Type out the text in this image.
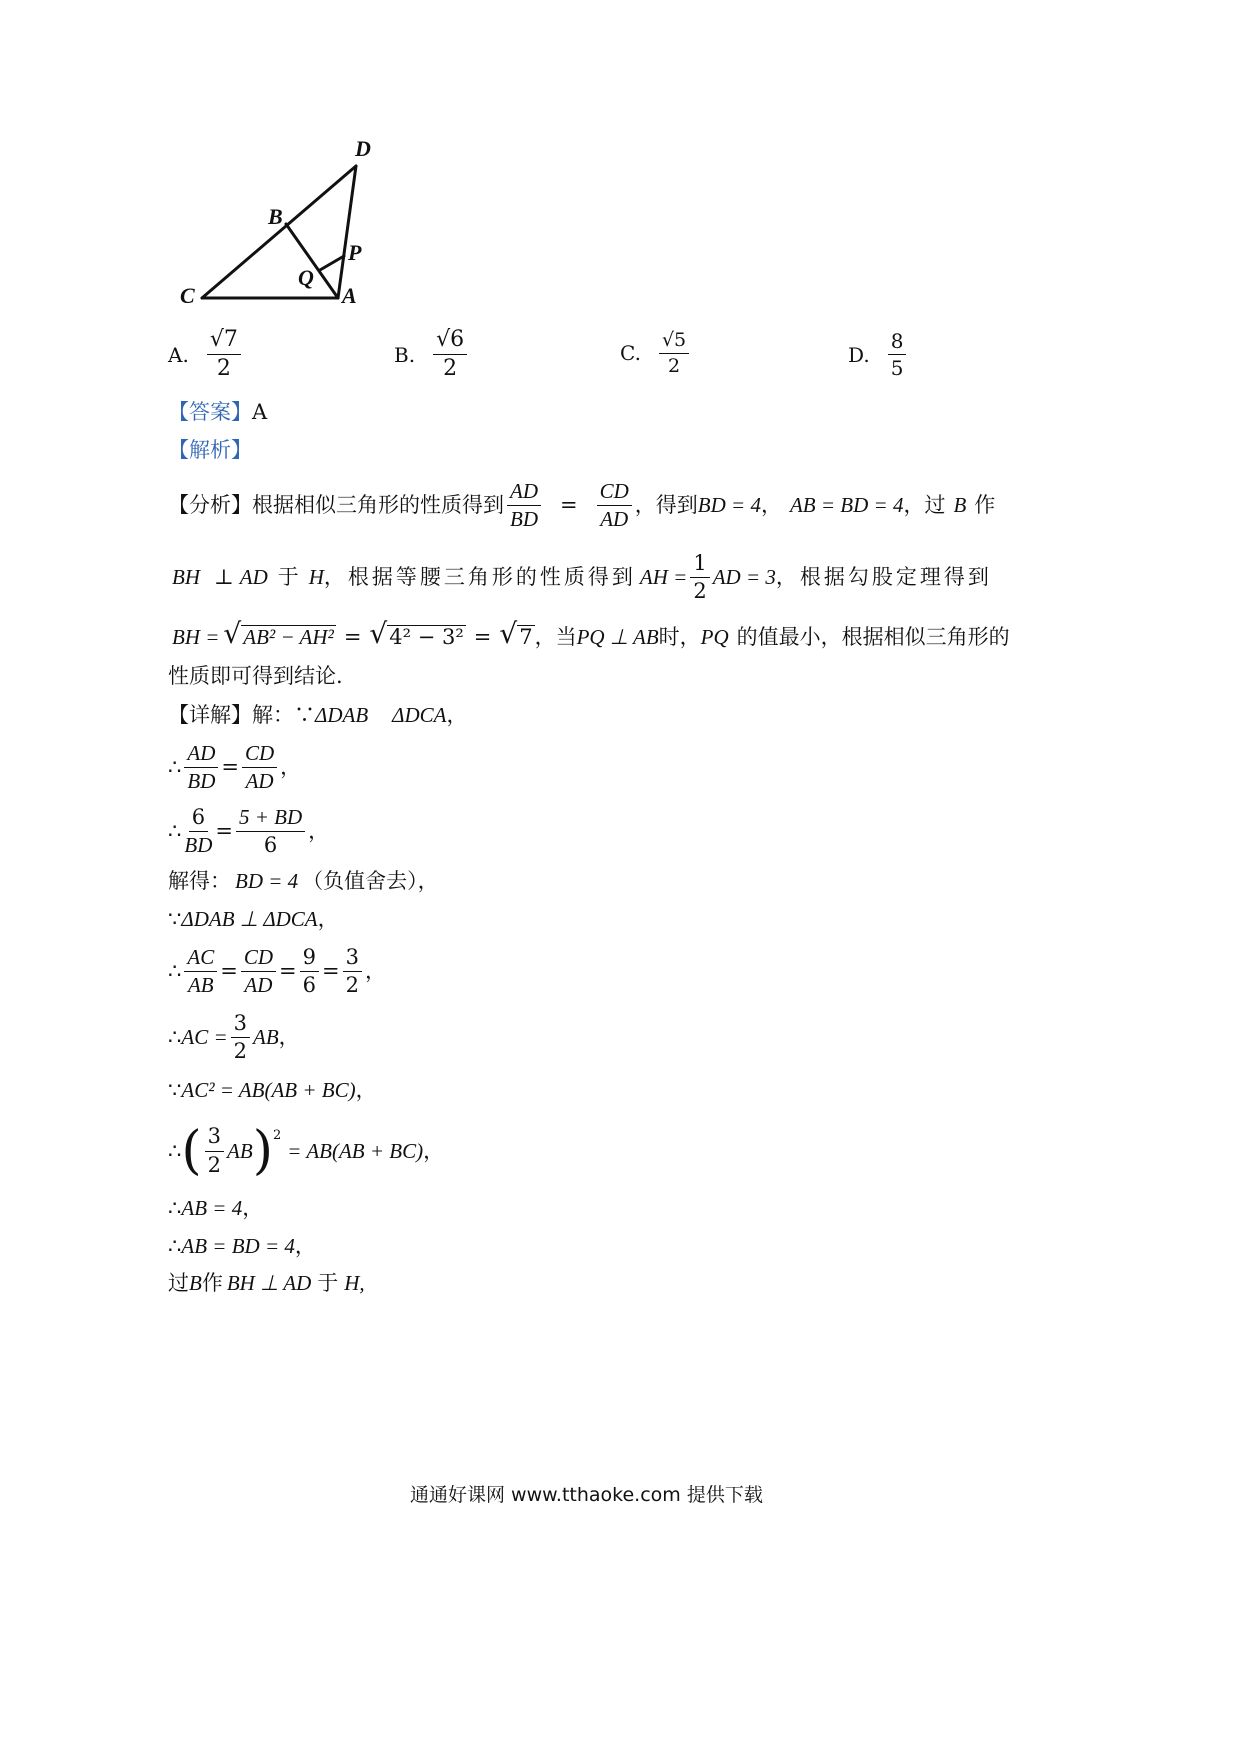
D
B
P
Q
C	A
A. $\frac{√7}{2}$	B. $\frac{√6}{2}$	C. $\frac{√5}{2}$	D. $\frac{8}{5}$
【答案】A
【解析】
【分析】 根据相似三角形的性质得到 $\frac{AD}{BD} = \frac{CD}{AD}$ ，得到 BD = 4 ， AB = BD = 4 ，过 B 作
BH ⊥ AD 于 H ，根据等腰三角形的性质得到 AH = $\frac{1}{2}$ AD = 3 ，根据勾股定理得到
BH = √ AB² − AH² = √ 4² − 3² = √ 7 ，当 PQ ⊥ AB 时， PQ 的值最小，根据相似三角形的
性质即可得到结论.
【详解】 解：∵ ΔDAB ΔDCA ，
∴ $\frac{AD}{BD} = \frac{CD}{AD}$ ，
∴ $\frac{6}{BD} = \frac{5 + BD}{6}$ ，
解得： BD = 4 （负值舍去），
∵ ΔDAB ⊥ ΔDCA ，
∴ $\frac{AC}{AB} = \frac{CD}{AD} = \frac{9}{6} = \frac{3}{2}$ ，
∴ AC = $\frac{3}{2}$ AB ，
∵ AC² = AB(AB + BC) ，
∴ ( $\frac{3}{2}$ AB ) 2
= AB(AB + BC) ，
∴ AB = 4 ，
∴ AB = BD = 4 ，
过 B 作 BH ⊥ AD 于 H,
通通好课网 www.tthaoke.com 提供下载
